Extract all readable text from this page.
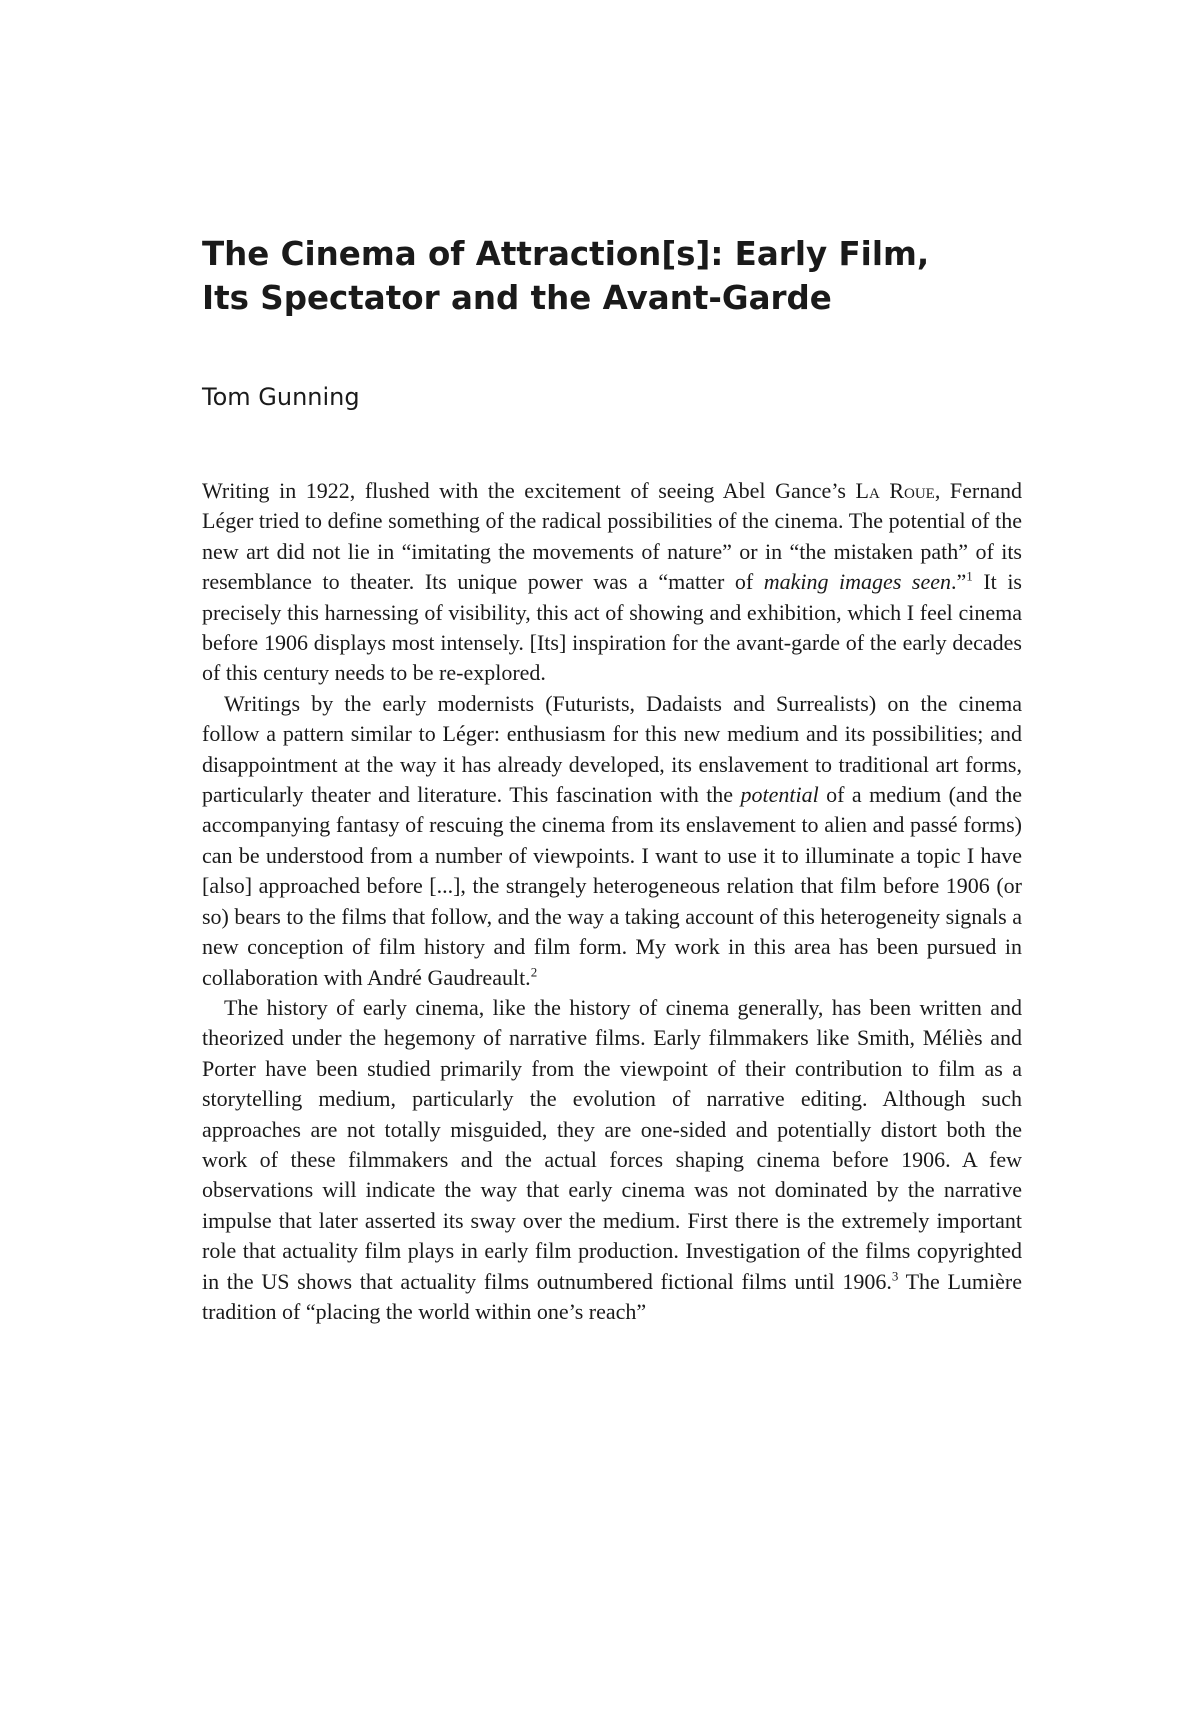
The Cinema of Attraction[s]: Early Film,
Its Spectator and the Avant-Garde

Tom Gunning

Writing in 1922, flushed with the excitement of seeing Abel Gance’s La Roue, Fernand Léger tried to define something of the radical possibilities of the cinema. The potential of the new art did not lie in “imitating the movements of nature” or in “the mistaken path” of its resemblance to theater. Its unique power was a “matter of making images seen.”$^1$ It is precisely this harnessing of visibility, this act of showing and exhibition, which I feel cinema before 1906 displays most intensely. [Its] inspiration for the avant-garde of the early decades of this century needs to be re-explored.

Writings by the early modernists (Futurists, Dadaists and Surrealists) on the cinema follow a pattern similar to Léger: enthusiasm for this new medium and its possibilities; and disappointment at the way it has already developed, its enslavement to traditional art forms, particularly theater and literature. This fascination with the potential of a medium (and the accompanying fantasy of rescuing the cinema from its enslavement to alien and passé forms) can be understood from a number of viewpoints. I want to use it to illuminate a topic I have [also] approached before [...], the strangely heterogeneous relation that film before 1906 (or so) bears to the films that follow, and the way a taking account of this heterogeneity signals a new conception of film history and film form. My work in this area has been pursued in collaboration with André Gaudreault.$^2$

The history of early cinema, like the history of cinema generally, has been written and theorized under the hegemony of narrative films. Early filmmakers like Smith, Méliès and Porter have been studied primarily from the viewpoint of their contribution to film as a storytelling medium, particularly the evolution of narrative editing. Although such approaches are not totally misguided, they are one-sided and potentially distort both the work of these filmmakers and the actual forces shaping cinema before 1906. A few observations will indicate the way that early cinema was not dominated by the narrative impulse that later asserted its sway over the medium. First there is the extremely important role that actuality film plays in early film production. Investigation of the films copyrighted in the US shows that actuality films outnumbered fictional films until 1906.$^3$ The Lumière tradition of “placing the world within one’s reach”
